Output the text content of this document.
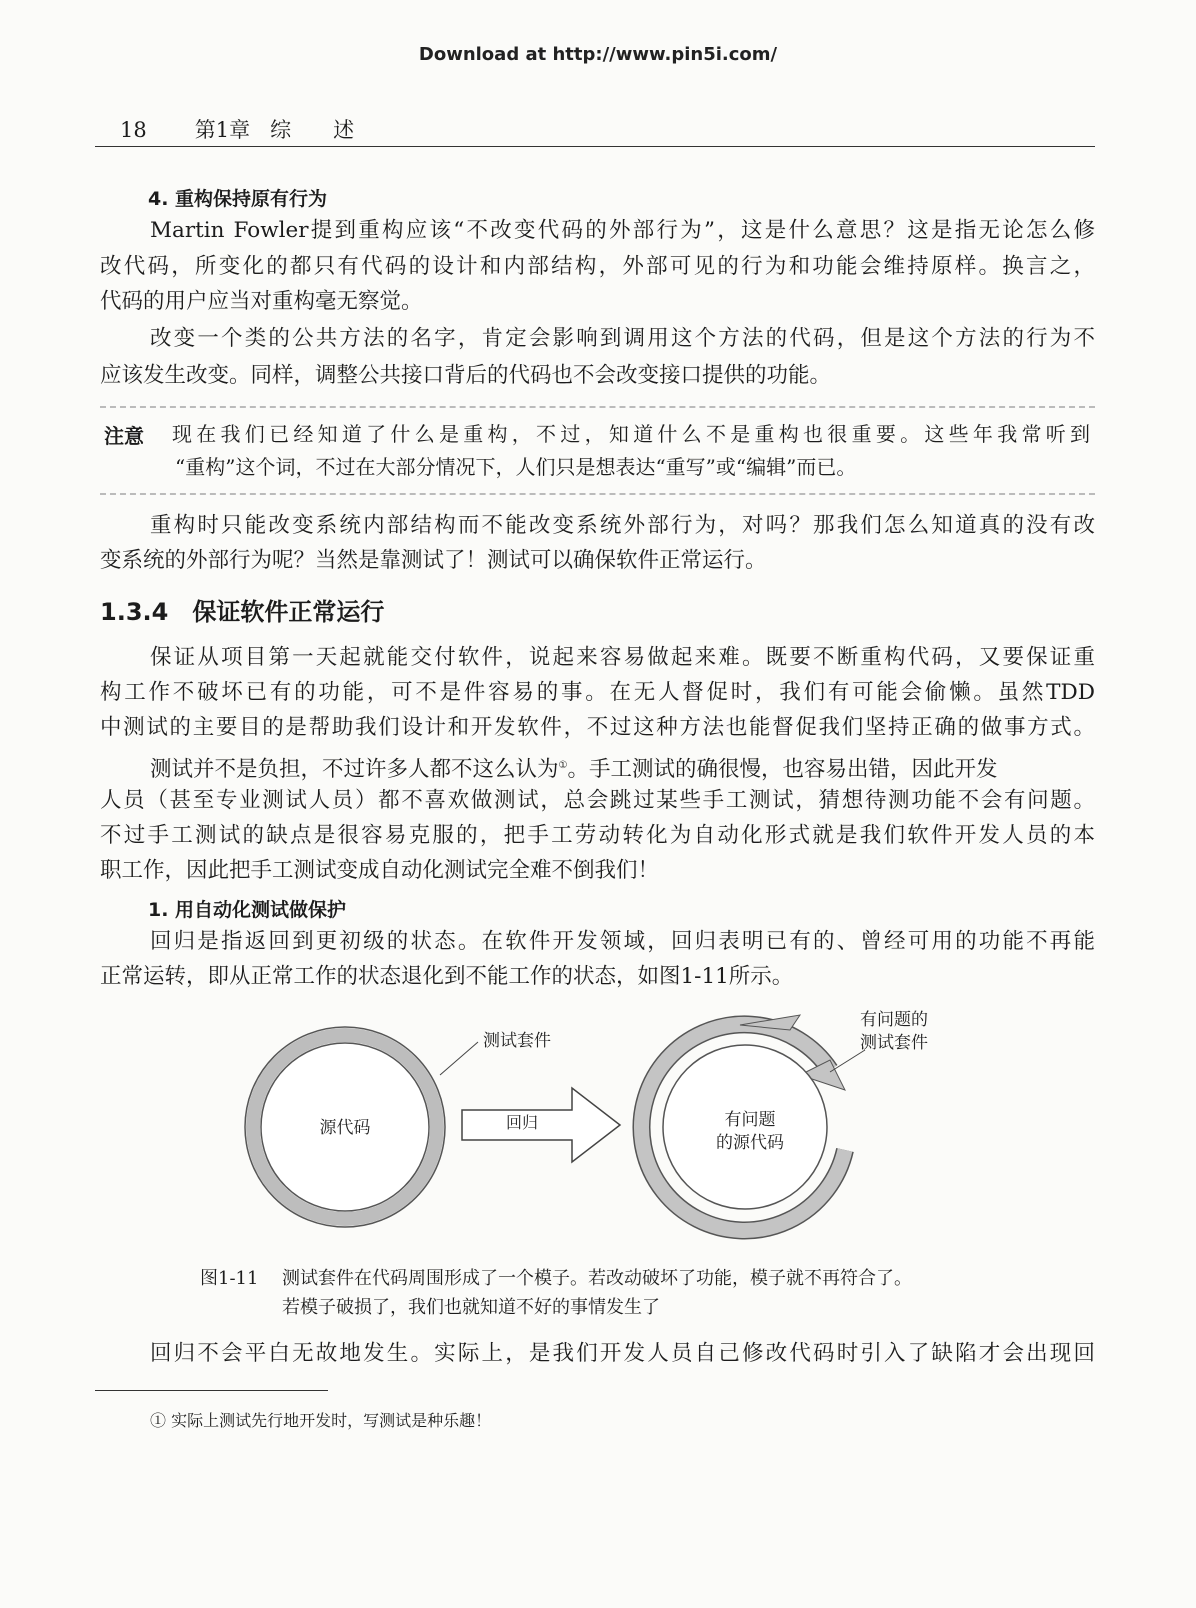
Download at http://www.pin5i.com/
18 第1章 综　　述
4. 重构保持原有行为
Martin Fowler提到重构应该“不改变代码的外部行为”，这是什么意思？这是指无论怎么修
改代码，所变化的都只有代码的设计和内部结构，外部可见的行为和功能会维持原样。换言之，
代码的用户应当对重构毫无察觉。
改变一个类的公共方法的名字，肯定会影响到调用这个方法的代码，但是这个方法的行为不
应该发生改变。同样，调整公共接口背后的代码也不会改变接口提供的功能。
注意 现在我们已经知道了什么是重构，不过，知道什么不是重构也很重要。这些年我常听到
“重构”这个词，不过在大部分情况下，人们只是想表达“重写”或“编辑”而已。
重构时只能改变系统内部结构而不能改变系统外部行为，对吗？那我们怎么知道真的没有改
变系统的外部行为呢？当然是靠测试了！测试可以确保软件正常运行。
1.3.4　保证软件正常运行
保证从项目第一天起就能交付软件，说起来容易做起来难。既要不断重构代码，又要保证重
构工作不破坏已有的功能，可不是件容易的事。在无人督促时，我们有可能会偷懒。虽然TDD
中测试的主要目的是帮助我们设计和开发软件，不过这种方法也能督促我们坚持正确的做事方式。
测试并不是负担，不过许多人都不这么认为①。手工测试的确很慢，也容易出错，因此开发
人员（甚至专业测试人员）都不喜欢做测试，总会跳过某些手工测试，猜想待测功能不会有问题。
不过手工测试的缺点是很容易克服的，把手工劳动转化为自动化形式就是我们软件开发人员的本
职工作，因此把手工测试变成自动化测试完全难不倒我们！
1. 用自动化测试做保护
回归是指返回到更初级的状态。在软件开发领域，回归表明已有的、曾经可用的功能不再能
正常运转，即从正常工作的状态退化到不能工作的状态，如图1-11所示。
测试套件
源代码	回归
有问题的
测试套件
有问题
的源代码
图1-11 测试套件在代码周围形成了一个模子。若改动破坏了功能，模子就不再符合了。
若模子破损了，我们也就知道不好的事情发生了
回归不会平白无故地发生。实际上，是我们开发人员自己修改代码时引入了缺陷才会出现回
① 实际上测试先行地开发时，写测试是种乐趣！
